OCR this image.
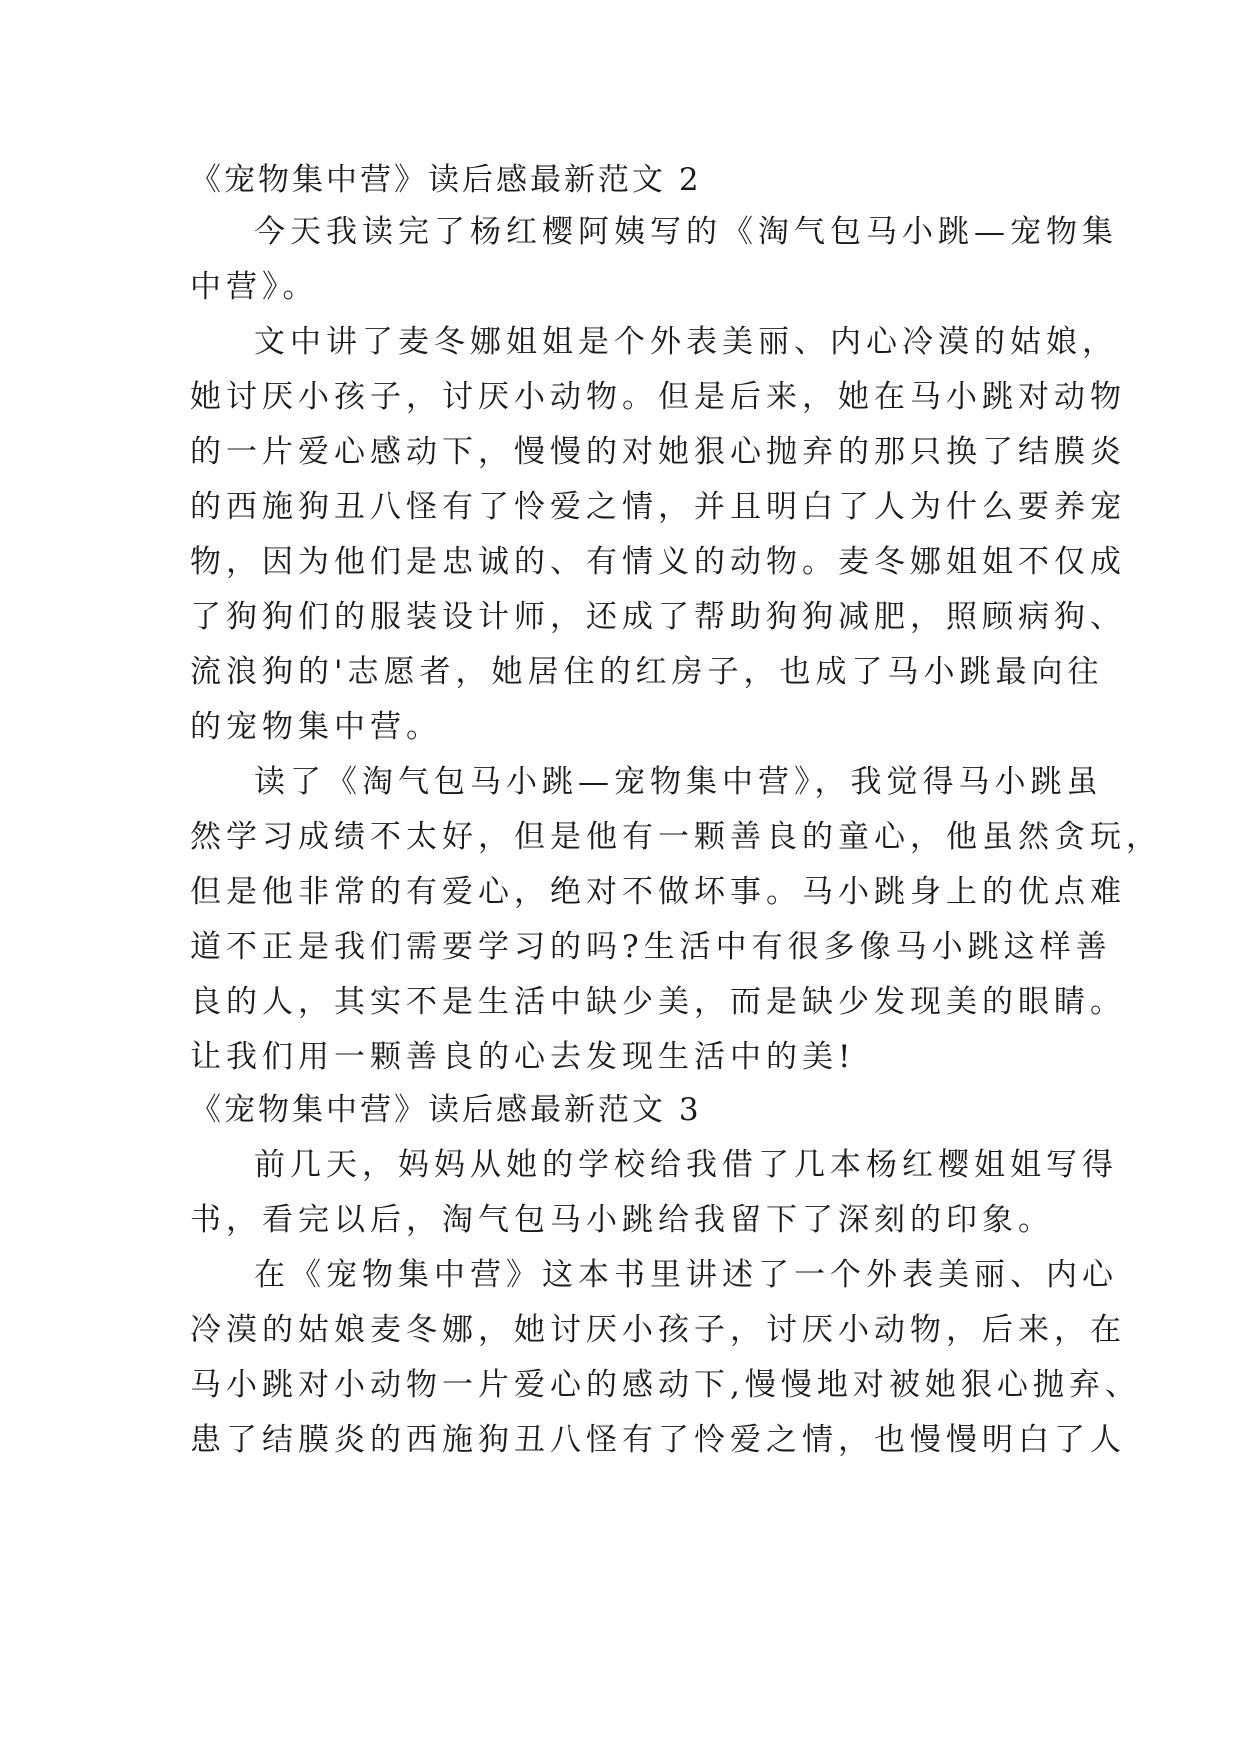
《宠物集中营》读后感最新范文 2

今天我读完了杨红樱阿姨写的《淘气包马小跳—宠物集

中营》。

文中讲了麦冬娜姐姐是个外表美丽、内心冷漠的姑娘，

她讨厌小孩子，讨厌小动物。但是后来，她在马小跳对动物

的一片爱心感动下，慢慢的对她狠心抛弃的那只换了结膜炎

的西施狗丑八怪有了怜爱之情，并且明白了人为什么要养宠

物，因为他们是忠诚的、有情义的动物。麦冬娜姐姐不仅成

了狗狗们的服装设计师，还成了帮助狗狗减肥，照顾病狗、

流浪狗的'志愿者，她居住的红房子，也成了马小跳最向往

的宠物集中营。

读了《淘气包马小跳—宠物集中营》，我觉得马小跳虽

然学习成绩不太好，但是他有一颗善良的童心，他虽然贪玩，

但是他非常的有爱心，绝对不做坏事。马小跳身上的优点难

道不正是我们需要学习的吗?生活中有很多像马小跳这样善

良的人，其实不是生活中缺少美，而是缺少发现美的眼睛。

让我们用一颗善良的心去发现生活中的美!

《宠物集中营》读后感最新范文 3

前几天，妈妈从她的学校给我借了几本杨红樱姐姐写得

书，看完以后，淘气包马小跳给我留下了深刻的印象。

在《宠物集中营》这本书里讲述了一个外表美丽、内心

冷漠的姑娘麦冬娜，她讨厌小孩子，讨厌小动物，后来，在

马小跳对小动物一片爱心的感动下,慢慢地对被她狠心抛弃、

患了结膜炎的西施狗丑八怪有了怜爱之情，也慢慢明白了人
